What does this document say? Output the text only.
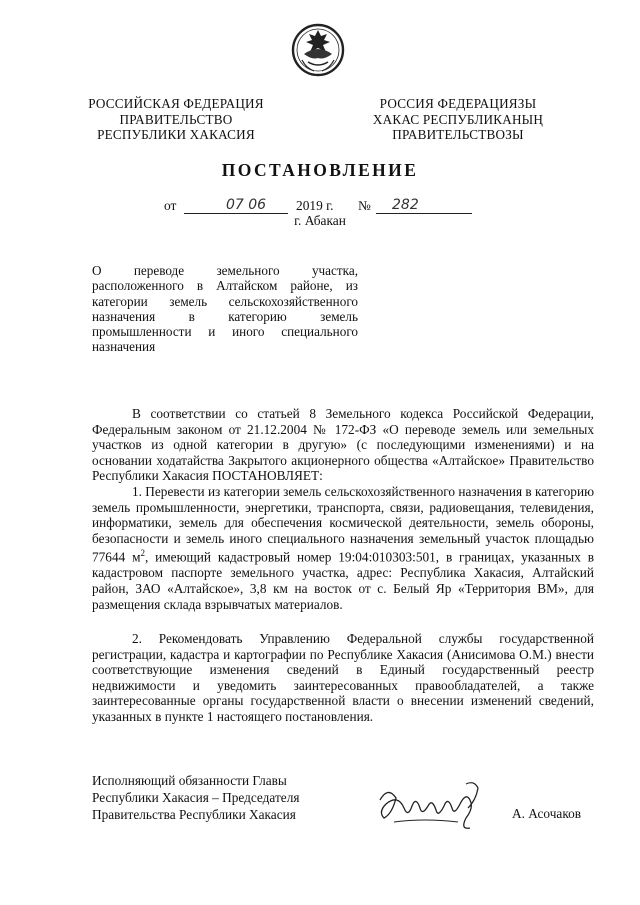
РОССИЙСКАЯ ФЕДЕРАЦИЯ
ПРАВИТЕЛЬСТВО
РЕСПУБЛИКИ ХАКАСИЯ
РОССИЯ ФЕДЕРАЦИЯЗЫ
ХАКАС РЕСПУБЛИКАНЫҢ
ПРАВИТЕЛЬСТВОЗЫ
ПОСТАНОВЛЕНИЕ
от	07 06 2019 г. № 282
г. Абакан
О переводе земельного участка, расположенного в Алтайском районе, из категории земель сельскохозяйственного назначения в категорию земель промышленности и иного специального назначения
В соответствии со статьей 8 Земельного кодекса Российской Федерации, Федеральным законом от 21.12.2004 № 172-ФЗ «О переводе земель или земельных участков из одной категории в другую» (с последующими изменениями) и на основании ходатайства Закрытого акционерного общества «Алтайское» Правительство Республики Хакасия ПОСТАНОВЛЯЕТ:
1. Перевести из категории земель сельскохозяйственного назначения в категорию земель промышленности, энергетики, транспорта, связи, радиовещания, телевидения, информатики, земель для обеспечения космической деятельности, земель обороны, безопасности и земель иного специального назначения земельный участок площадью 77644 $м^2$, имеющий кадастровый номер 19:04:010303:501, в границах, указанных в кадастровом паспорте земельного участка, адрес: Республика Хакасия, Алтайский район, ЗАО «Алтайское», 3,8 км на восток от с. Белый Яр «Территория ВМ», для размещения склада взрывчатых материалов.
2. Рекомендовать Управлению Федеральной службы государственной регистрации, кадастра и картографии по Республике Хакасия (Анисимова О.М.) внести соответствующие изменения сведений в Единый государственный реестр недвижимости и уведомить заинтересованных правообладателей, а также заинтересованные органы государственной власти о внесении изменений сведений, указанных в пункте 1 настоящего постановления.
Исполняющий обязанности Главы
Республики Хакасия – Председателя
Правительства Республики Хакасия	А. Асочаков
